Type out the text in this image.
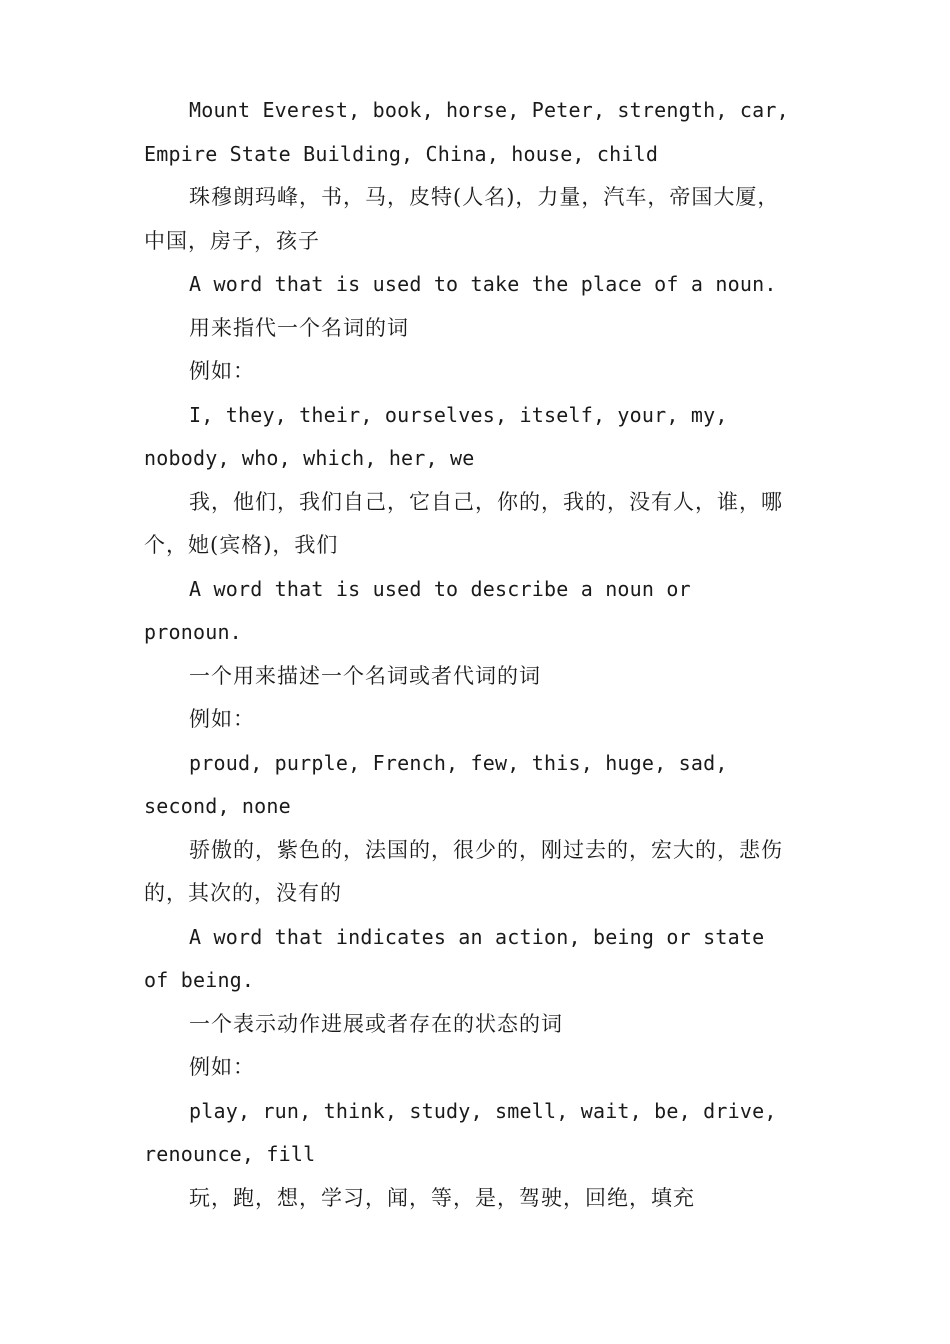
Mount Everest, book, horse, Peter, strength, car, Empire State Building, China, house, child

珠穆朗玛峰，书，马，皮特(人名)，力量，汽车，帝国大厦，中国，房子，孩子

A word that is used to take the place of a noun.

用来指代一个名词的词

例如：

I, they, their, ourselves, itself, your, my, nobody, who, which, her, we

我，他们，我们自己，它自己，你的，我的，没有人，谁，哪个，她(宾格)，我们

A word that is used to describe a noun or pronoun.

一个用来描述一个名词或者代词的词

例如：

proud, purple, French, few, this, huge, sad, second, none

骄傲的，紫色的，法国的，很少的，刚过去的，宏大的，悲伤的，其次的，没有的

A word that indicates an action, being or state of being.

一个表示动作进展或者存在的状态的词

例如：

play, run, think, study, smell, wait, be, drive, renounce, fill

玩，跑，想，学习，闻，等，是，驾驶，回绝，填充
